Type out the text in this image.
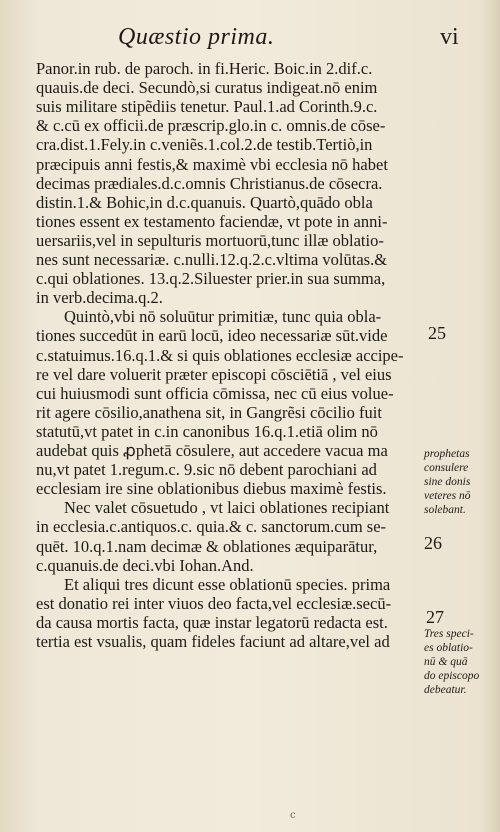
Quæstio prima.	vi
Panor.in rub. de paroch. in fi.Heric. Boic.in 2.dif.c.
quauis.de deci. Secundò,si curatus indigeat.nō enim
suis militare stipẽdiis tenetur. Paul.1.ad Corinth.9.c.
& c.cū ex officii.de præscrip.glo.in c. omnis.de cōse-
cra.dist.1.Fely.in c.veniẽs.1.col.2.de testib.Tertiò,in
præcipuis anni festis,& maximè vbi ecclesia nō habet
decimas prædiales.d.c.omnis Christianus.de cōsecra.
distin.1.& Bohic,in d.c.quanuis. Quartò,quādo obla
tiones essent ex testamento faciendæ, vt pote in anni-
uersariis,vel in sepulturis mortuorū,tunc illæ oblatio-
nes sunt necessariæ. c.nulli.12.q.2.c.vltima volūtas.&
c.qui oblationes. 13.q.2.Siluester prier.in sua summa,
in verb.decima.q.2.
Quintò,vbi nō soluūtur primitiæ, tunc quia obla-
tiones succedūt in earū locū, ideo necessariæ sūt.vide
c.statuimus.16.q.1.& si quis oblationes ecclesiæ accipe-
re vel dare voluerit præter episcopi cōsciētiā , vel eius
cui huiusmodi sunt officia cōmissa, nec cū eius volue-
rit agere cōsilio,anathena sit, in Gangrẽsi cōcilio fuit
statutū,vt patet in c.in canonibus 16.q.1.etiā olim nō
audebat quis ꝓphetā cōsulere, aut accedere vacua ma
nu,vt patet 1.regum.c. 9.sic nō debent parochiani ad
ecclesiam ire sine oblationibus diebus maximè festis.
Nec valet cōsuetudo , vt laici oblationes recipiant
in ecclesia.c.antiquos.c. quia.& c. sanctorum.cum se-
quēt. 10.q.1.nam decimæ & oblationes æquiparātur,
c.quanuis.de deci.vbi Iohan.And.
Et aliqui tres dicunt esse oblationū species. prima
est donatio rei inter viuos deo facta,vel ecclesiæ.secū-
da causa mortis facta, quæ instar legatorū redacta est.
tertia est vsualis, quam fideles faciunt ad altare,vel ad
25
26
27
prophetas
consulere
sine donis
veteres nō
solebant.
Tres speci-
es oblatio-
nū & quā
do episcopo
debeatur.
c
